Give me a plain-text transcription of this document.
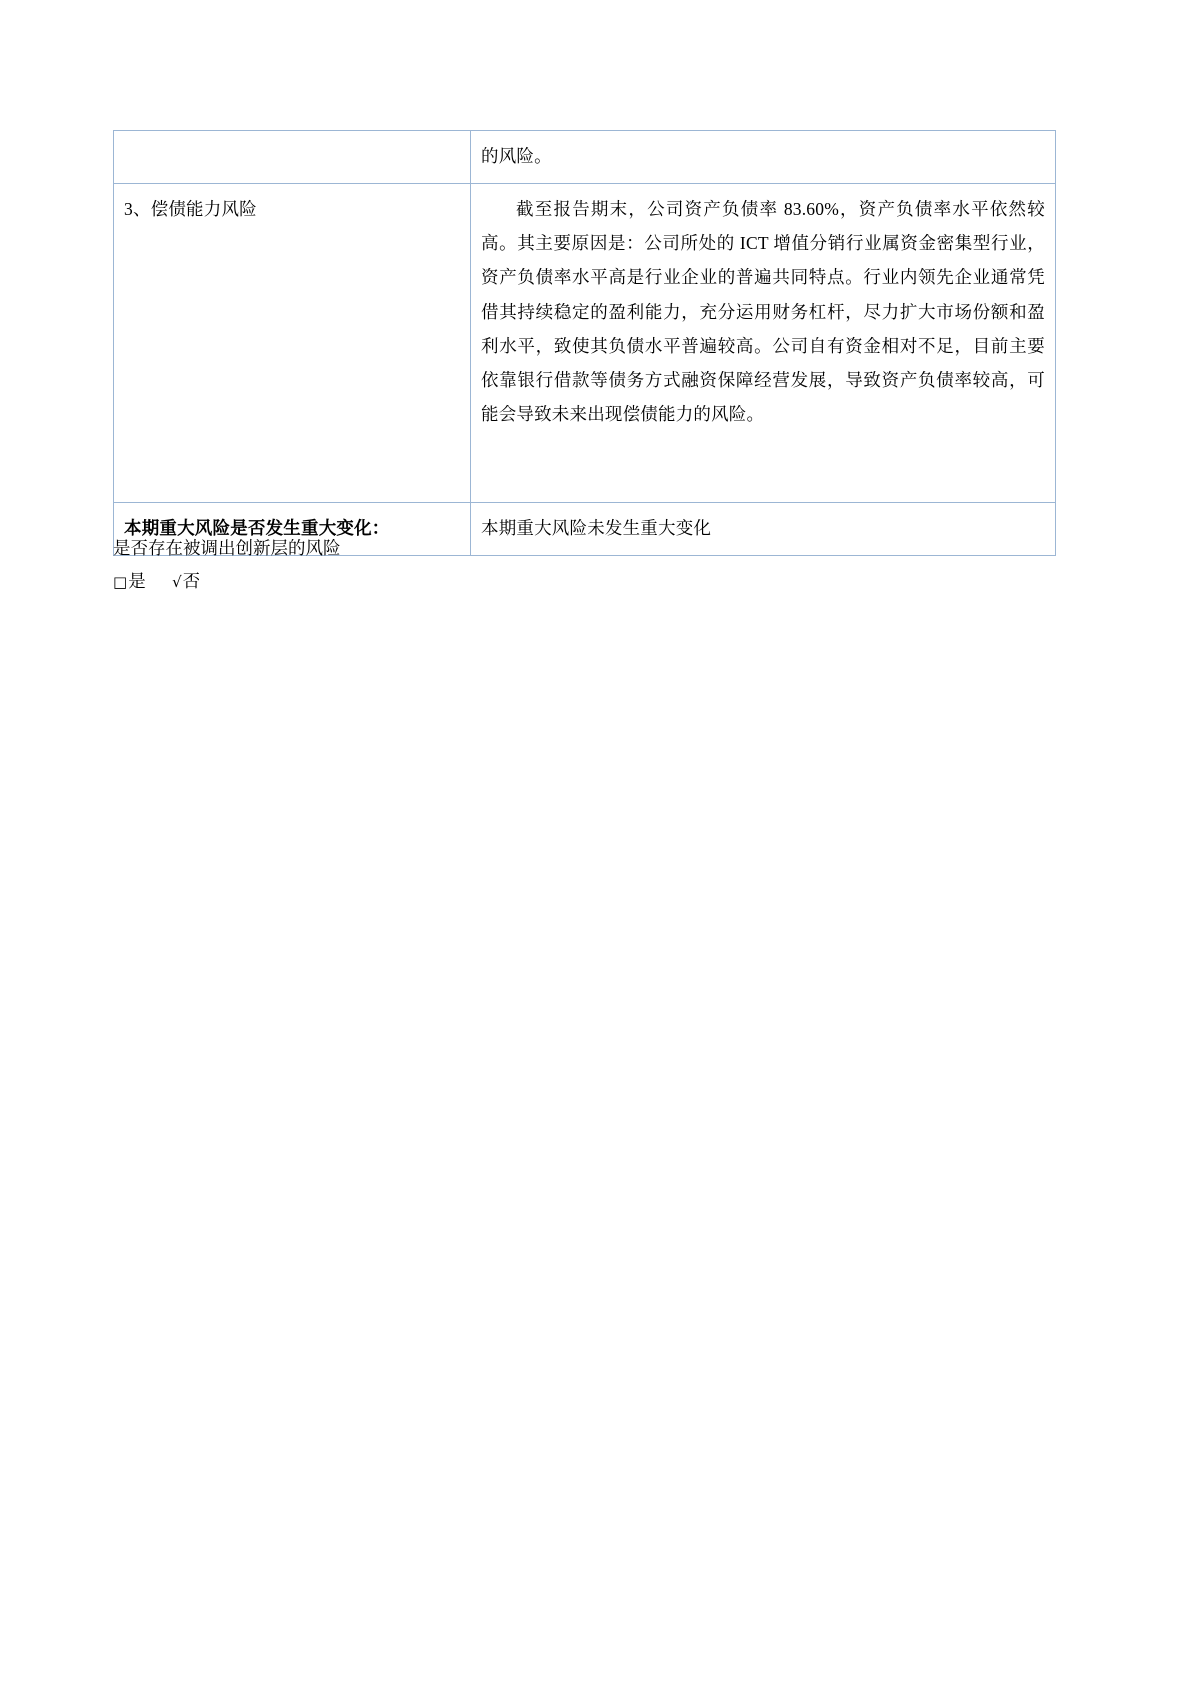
	的风险。

3、偿债能力风险	截至报告期末，公司资产负债率 83.60%，资产负债率水平依然较高。其主要原因是：公司所处的 ICT 增值分销行业属资金密集型行业，资产负债率水平高是行业企业的普遍共同特点。行业内领先企业通常凭借其持续稳定的盈利能力，充分运用财务杠杆，尽力扩大市场份额和盈利水平，致使其负债水平普遍较高。公司自有资金相对不足，目前主要依靠银行借款等债务方式融资保障经营发展，导致资产负债率较高，可能会导致未来出现偿债能力的风险。

本期重大风险是否发生重大变化：	本期重大风险未发生重大变化

是否存在被调出创新层的风险

□是 √否
